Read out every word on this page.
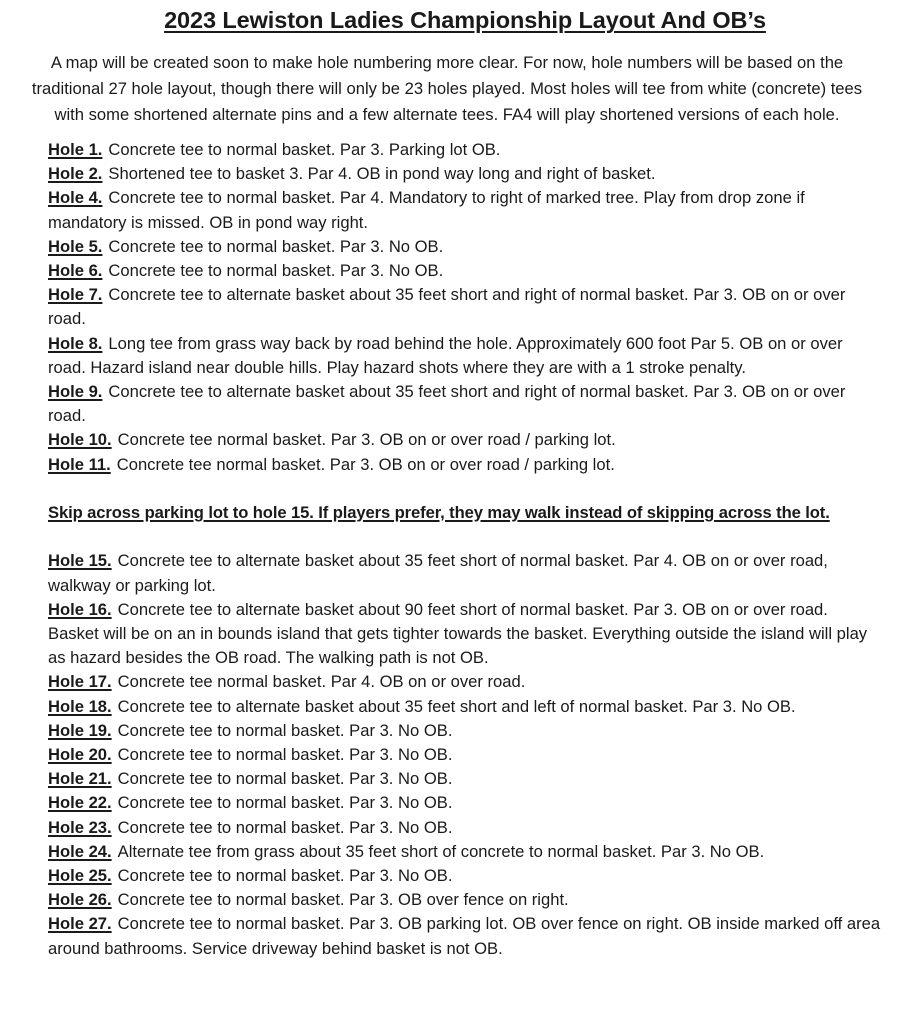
2023 Lewiston Ladies Championship Layout And OB’s

A map will be created soon to make hole numbering more clear. For now, hole numbers will be based on the traditional 27 hole layout, though there will only be 23 holes played. Most holes will tee from white (concrete) tees with some shortened alternate pins and a few alternate tees. FA4 will play shortened versions of each hole.

Hole 1. Concrete tee to normal basket. Par 3. Parking lot OB.
Hole 2. Shortened tee to basket 3. Par 4. OB in pond way long and right of basket.
Hole 4. Concrete tee to normal basket. Par 4. Mandatory to right of marked tree. Play from drop zone if mandatory is missed. OB in pond way right.
Hole 5. Concrete tee to normal basket. Par 3. No OB.
Hole 6. Concrete tee to normal basket. Par 3. No OB.
Hole 7. Concrete tee to alternate basket about 35 feet short and right of normal basket. Par 3. OB on or over road.
Hole 8. Long tee from grass way back by road behind the hole. Approximately 600 foot Par 5. OB on or over road. Hazard island near double hills. Play hazard shots where they are with a 1 stroke penalty.
Hole 9. Concrete tee to alternate basket about 35 feet short and right of normal basket. Par 3. OB on or over road.
Hole 10. Concrete tee normal basket. Par 3. OB on or over road / parking lot.
Hole 11. Concrete tee normal basket. Par 3. OB on or over road / parking lot.
Skip across parking lot to hole 15. If players prefer, they may walk instead of skipping across the lot.
Hole 15. Concrete tee to alternate basket about 35 feet short of normal basket. Par 4. OB on or over road, walkway or parking lot.
Hole 16. Concrete tee to alternate basket about 90 feet short of normal basket. Par 3. OB on or over road. Basket will be on an in bounds island that gets tighter towards the basket. Everything outside the island will play as hazard besides the OB road. The walking path is not OB.
Hole 17. Concrete tee normal basket. Par 4. OB on or over road.
Hole 18. Concrete tee to alternate basket about 35 feet short and left of normal basket. Par 3. No OB.
Hole 19. Concrete tee to normal basket. Par 3. No OB.
Hole 20. Concrete tee to normal basket. Par 3. No OB.
Hole 21. Concrete tee to normal basket. Par 3. No OB.
Hole 22. Concrete tee to normal basket. Par 3. No OB.
Hole 23. Concrete tee to normal basket. Par 3. No OB.
Hole 24. Alternate tee from grass about 35 feet short of concrete to normal basket. Par 3. No OB.
Hole 25. Concrete tee to normal basket. Par 3. No OB.
Hole 26. Concrete tee to normal basket. Par 3. OB over fence on right.
Hole 27. Concrete tee to normal basket. Par 3. OB parking lot. OB over fence on right. OB inside marked off area around bathrooms. Service driveway behind basket is not OB.
